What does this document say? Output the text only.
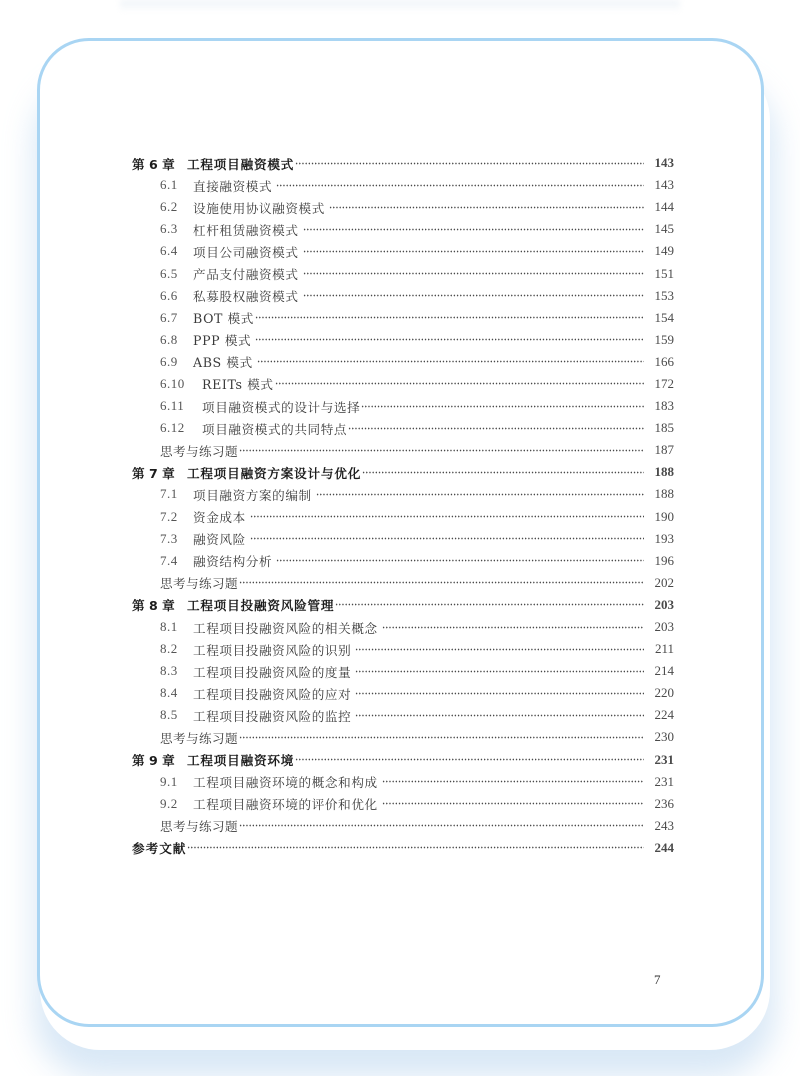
第 6 章 工程项目融资模式	143
6.1	直接融资模式	143
6.2	设施使用协议融资模式	144
6.3	杠杆租赁融资模式	145
6.4	项目公司融资模式	149
6.5	产品支付融资模式	151
6.6	私募股权融资模式	153
6.7	BOT 模式	154
6.8	PPP 模式	159
6.9	ABS 模式	166
6.10	REITs 模式	172
6.11	项目融资模式的设计与选择	183
6.12	项目融资模式的共同特点	185
思考与练习题	187
第 7 章 工程项目融资方案设计与优化	188
7.1	项目融资方案的编制	188
7.2	资金成本	190
7.3	融资风险	193
7.4	融资结构分析	196
思考与练习题	202
第 8 章 工程项目投融资风险管理	203
8.1	工程项目投融资风险的相关概念	203
8.2	工程项目投融资风险的识别	211
8.3	工程项目投融资风险的度量	214
8.4	工程项目投融资风险的应对	220
8.5	工程项目投融资风险的监控	224
思考与练习题	230
第 9 章 工程项目融资环境	231
9.1	工程项目融资环境的概念和构成	231
9.2	工程项目融资环境的评价和优化	236
思考与练习题	243
参考文献	244
7
